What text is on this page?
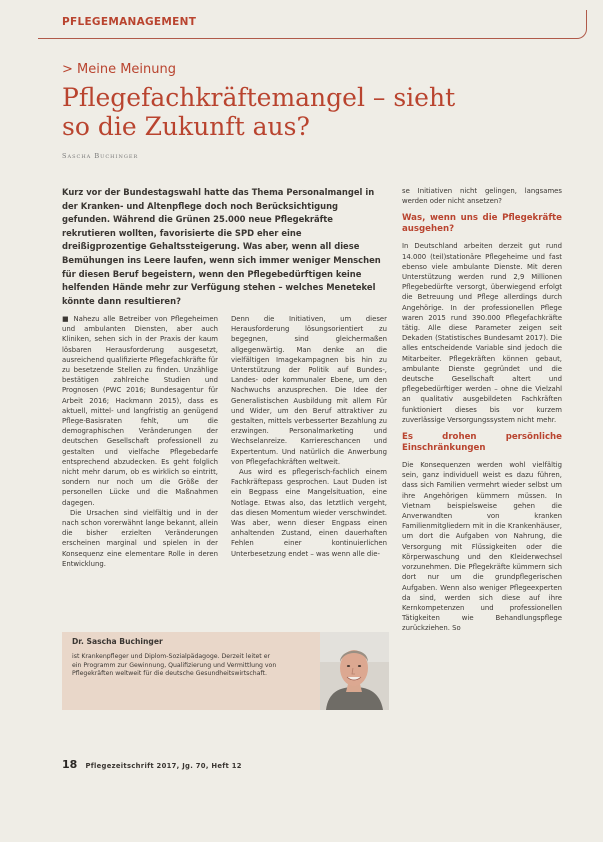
PFLEGEMANAGEMENT
> Meine Meinung
Pflegefachkräftemangel – sieht so die Zukunft aus?
Sascha Buchinger

Kurz vor der Bundestagswahl hatte das Thema Personalmangel in der Kranken- und Altenpflege doch noch Berücksichtigung gefunden. Während die Grünen 25.000 neue Pflegekräfte rekrutieren wollten, favorisierte die SPD eher eine dreißigprozentige Gehaltssteigerung. Was aber, wenn all diese Bemühungen ins Leere laufen, wenn sich immer weniger Menschen für diesen Beruf begeistern, wenn den Pflegebedürftigen keine helfenden Hände mehr zur Verfügung stehen – welches Menetekel könnte dann resultieren?

■ Nahezu alle Betreiber von Pflegeheimen und ambulanten Diensten, aber auch Kliniken, sehen sich in der Praxis der kaum lösbaren Herausforderung ausgesetzt, ausreichend qualifizierte Pflegefachkräfte für zu besetzende Stellen zu finden. Unzählige bestätigen zahlreiche Studien und Prognosen (PWC 2016; Bundesagentur für Arbeit 2016; Hackmann 2015), dass es aktuell, mittel- und langfristig an genügend Pflege-Basisraten fehlt, um die demographischen Veränderungen der deutschen Gesellschaft professionell zu gestalten und vielfache Pflegebedarfe entsprechend abzudecken. Es geht folglich nicht mehr darum, ob es wirklich so eintritt, sondern nur noch um die Größe der personellen Lücke und die Maßnahmen dagegen.

Die Ursachen sind vielfältig und in der nach schon vorerwähnt lange bekannt, allein die bisher erzielten Veränderungen erscheinen marginal und spielen in der Konsequenz eine elementare Rolle in deren Entwicklung.

Denn die Initiativen, um dieser Herausforderung lösungsorientiert zu begegnen, sind gleichermaßen allgegenwärtig. Man denke an die vielfältigen Imagekampagnen bis hin zu Unterstützung der Politik auf Bundes-, Landes- oder kommunaler Ebene, um den Nachwuchs anzusprechen. Die Idee der Generalistischen Ausbildung mit allem Für und Wider, um den Beruf attraktiver zu gestalten, mittels verbesserter Bezahlung zu erzwingen. Personalmarketing und Wechselanreize. Karriereschancen und Expertentum. Und natürlich die Anwerbung von Pflegefachkräften weltweit.

Aus wird es pflegerisch-fachlich einem Fachkräftepass gesprochen. Laut Duden ist ein Begpass eine Mangelsituation, eine Notlage. Etwas also, das letztlich vergeht, das diesen Momentum wieder verschwindet. Was aber, wenn dieser Engpass einen anhaltenden Zustand, einen dauerhaften Fehlen einer kontinuierlichen Unterbesetzung endet – was wenn alle die-

se Initiativen nicht gelingen, langsames werden oder nicht ansetzen?

Was, wenn uns die Pflegekräfte ausgehen?

In Deutschland arbeiten derzeit gut rund 14.000 (teil)stationäre Pflegeheime und fast ebenso viele ambulante Dienste. Mit deren Unterstützung werden rund 2,9 Millionen Pflegebedürfte versorgt, überwiegend erfolgt die Betreuung und Pflege allerdings durch Angehörige. In der professionellen Pflege waren 2015 rund 390.000 Pflegefachkräfte tätig. Alle diese Parameter zeigen seit Dekaden (Statistisches Bundesamt 2017). Die alles entscheidende Variable sind jedoch die Mitarbeiter. Pflegekräften können gebaut, ambulante Dienste gegründet und die deutsche Gesellschaft altert und pflegebedürftiger werden – ohne die Vielzahl an qualitativ ausgebildeten Fachkräften funktioniert dieses bis vor kurzem zuverlässige Versorgungssystem nicht mehr.

Es drohen persönliche Einschränkungen

Die Konsequenzen werden wohl vielfältig sein, ganz individuell weist es dazu führen, dass sich Familien vermehrt wieder selbst um ihre Angehörigen kümmern müssen. In Vietnam beispielsweise gehen die Anverwandten von kranken Familienmitgliedern mit in die Krankenhäuser, um dort die Aufgaben von Nahrung, die Versorgung mit Flüssigkeiten oder die Körperwaschung und den Kleiderwechsel vorzunehmen. Die Pflegekräfte kümmern sich dort nur um die grundpflegerischen Aufgaben. Wenn also weniger Pflegeexperten da sind, werden sich diese auf ihre Kernkompetenzen und professionellen Tätigkeiten wie Behandlungspflege zurückziehen. So

Dr. Sascha Buchinger

ist Krankenpfleger und Diplom-Sozialpädagoge. Derzeit leitet er ein Programm zur Gewinnung, Qualifizierung und Vermittlung von Pflegekräften weltweit für die deutsche Gesundheitswirtschaft.

18 Pflegezeitschrift 2017, Jg. 70, Heft 12
